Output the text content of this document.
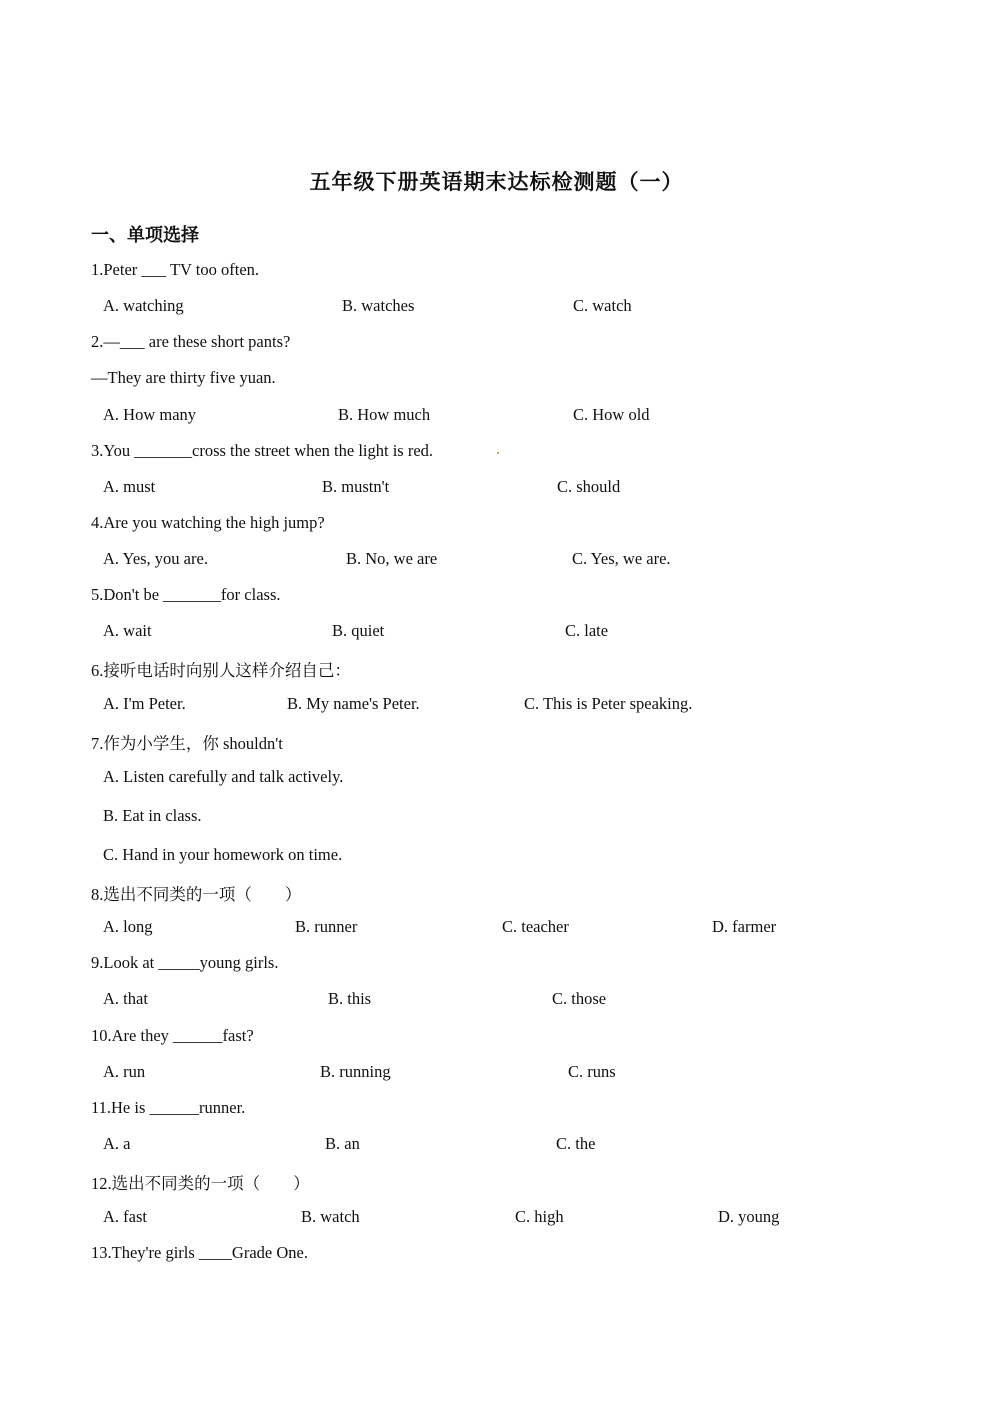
五年级下册英语期末达标检测题（一）
一、单项选择
1.Peter ___ TV too often.
A. watching	B. watches	C. watch
2.—___ are these short pants?
—They are thirty five yuan.
A. How many	B. How much	C. How old
3.You _______cross the street when the light is red.
A. must	B. mustn't	C. should
4.Are you watching the high jump?
A. Yes, you are.	B. No, we are	C. Yes, we are.
5.Don't be _______for class.
A. wait	B. quiet	C. late
6.接听电话时向别人这样介绍自己：
A. I'm Peter.	B. My name's Peter.	C. This is Peter speaking.
7.作为小学生，你 shouldn't
A. Listen carefully and talk actively.
B. Eat in class.
C. Hand in your homework on time.
8.选出不同类的一项（　　）
A. long	B. runner	C. teacher	D. farmer
9.Look at _____young girls.
A. that	B. this	C. those
10.Are they ______fast?
A. run	B. running	C. runs
11.He is ______runner.
A. a	B. an	C. the
12.选出不同类的一项（　　）
A. fast	B. watch	C. high	D. young
13.They're girls ____Grade One.
